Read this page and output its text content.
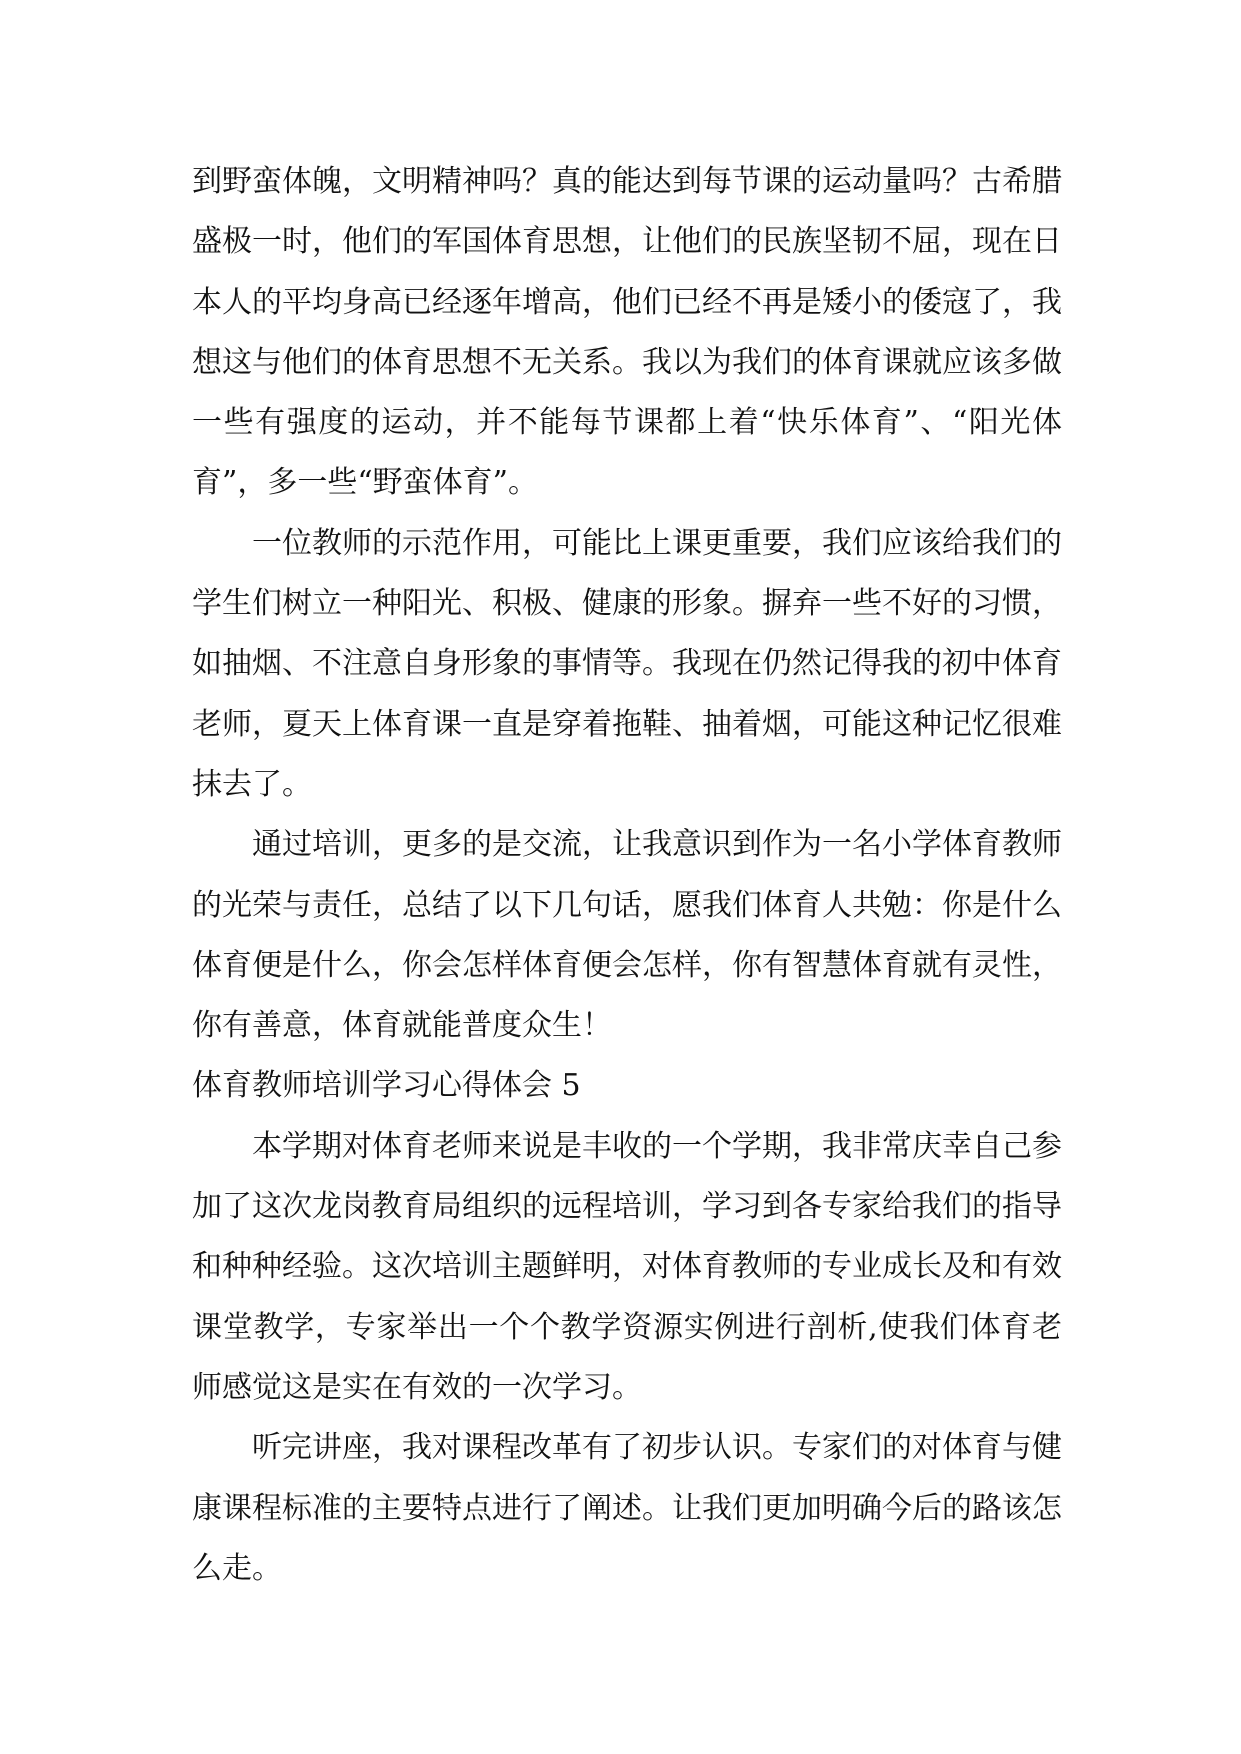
到野蛮体魄，文明精神吗？真的能达到每节课的运动量吗？古希腊盛极一时，他们的军国体育思想，让他们的民族坚韧不屈，现在日本人的平均身高已经逐年增高，他们已经不再是矮小的倭寇了，我想这与他们的体育思想不无关系。我以为我们的体育课就应该多做一些有强度的运动，并不能每节课都上着“快乐体育”、“阳光体育”，多一些“野蛮体育”。

一位教师的示范作用，可能比上课更重要，我们应该给我们的学生们树立一种阳光、积极、健康的形象。摒弃一些不好的习惯，如抽烟、不注意自身形象的事情等。我现在仍然记得我的初中体育老师，夏天上体育课一直是穿着拖鞋、抽着烟，可能这种记忆很难抹去了。

通过培训，更多的是交流，让我意识到作为一名小学体育教师的光荣与责任，总结了以下几句话，愿我们体育人共勉：你是什么体育便是什么，你会怎样体育便会怎样，你有智慧体育就有灵性，你有善意，体育就能普度众生！

体育教师培训学习心得体会 5

本学期对体育老师来说是丰收的一个学期，我非常庆幸自己参加了这次龙岗教育局组织的远程培训，学习到各专家给我们的指导和种种经验。这次培训主题鲜明，对体育教师的专业成长及和有效课堂教学，专家举出一个个教学资源实例进行剖析,使我们体育老师感觉这是实在有效的一次学习。

听完讲座，我对课程改革有了初步认识。专家们的对体育与健康课程标准的主要特点进行了阐述。让我们更加明确今后的路该怎么走。
